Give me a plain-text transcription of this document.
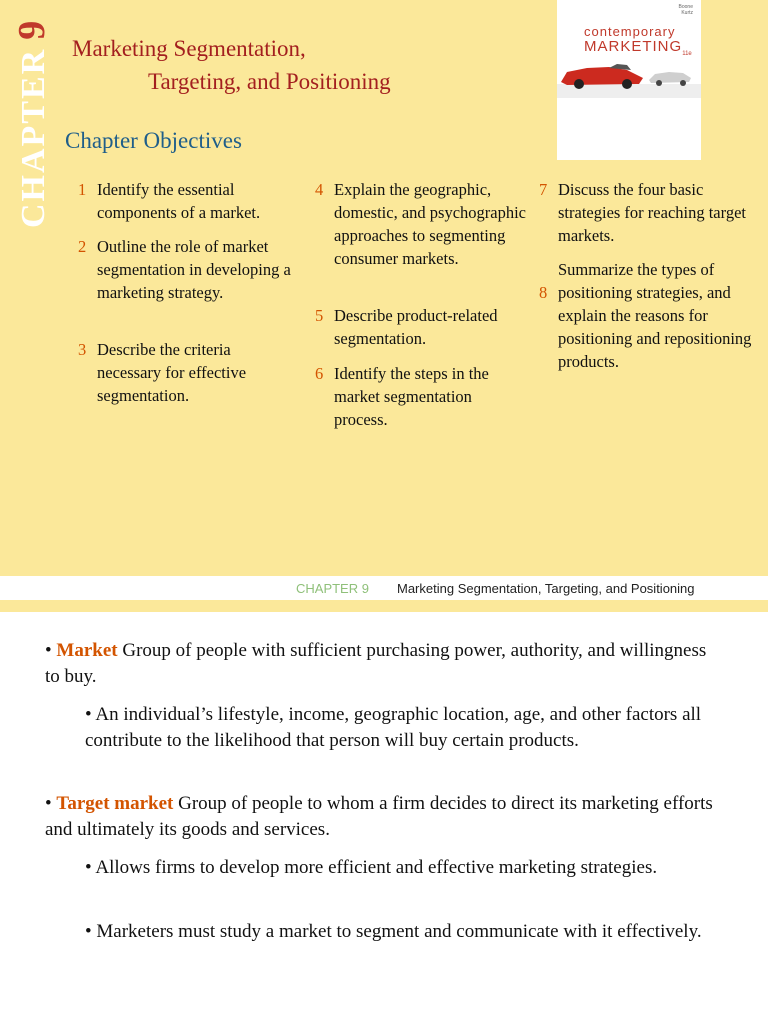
CHAPTER9
Marketing Segmentation,
Targeting, and Positioning
Boone
Kurtz
contemporary
$MARKETING_{11e}$
Chapter Objectives
1 Identify the essential components of a market.
2 Outline the role of market segmentation in developing a marketing strategy.
3 Describe the criteria necessary for effective segmentation.
4 Explain the geographic, domestic, and psychographic approaches to segmenting consumer markets.
5 Describe product-related segmentation.
6 Identify the steps in the market segmentation process.
7 Discuss the four basic strategies for reaching target markets.
8
Summarize the types of positioning strategies, and explain the reasons for positioning and repositioning products.
CHAPTER 9 Marketing Segmentation, Targeting, and Positioning
• Market Group of people with sufficient purchasing power, authority, and willingness to buy.
• An individual’s lifestyle, income, geographic location, age, and other factors all contribute to the likelihood that person will buy certain products.
• Target market Group of people to whom a firm decides to direct its marketing efforts and ultimately its goods and services.
• Allows firms to develop more efficient and effective marketing strategies.
• Marketers must study a market to segment and communicate with it effectively.
